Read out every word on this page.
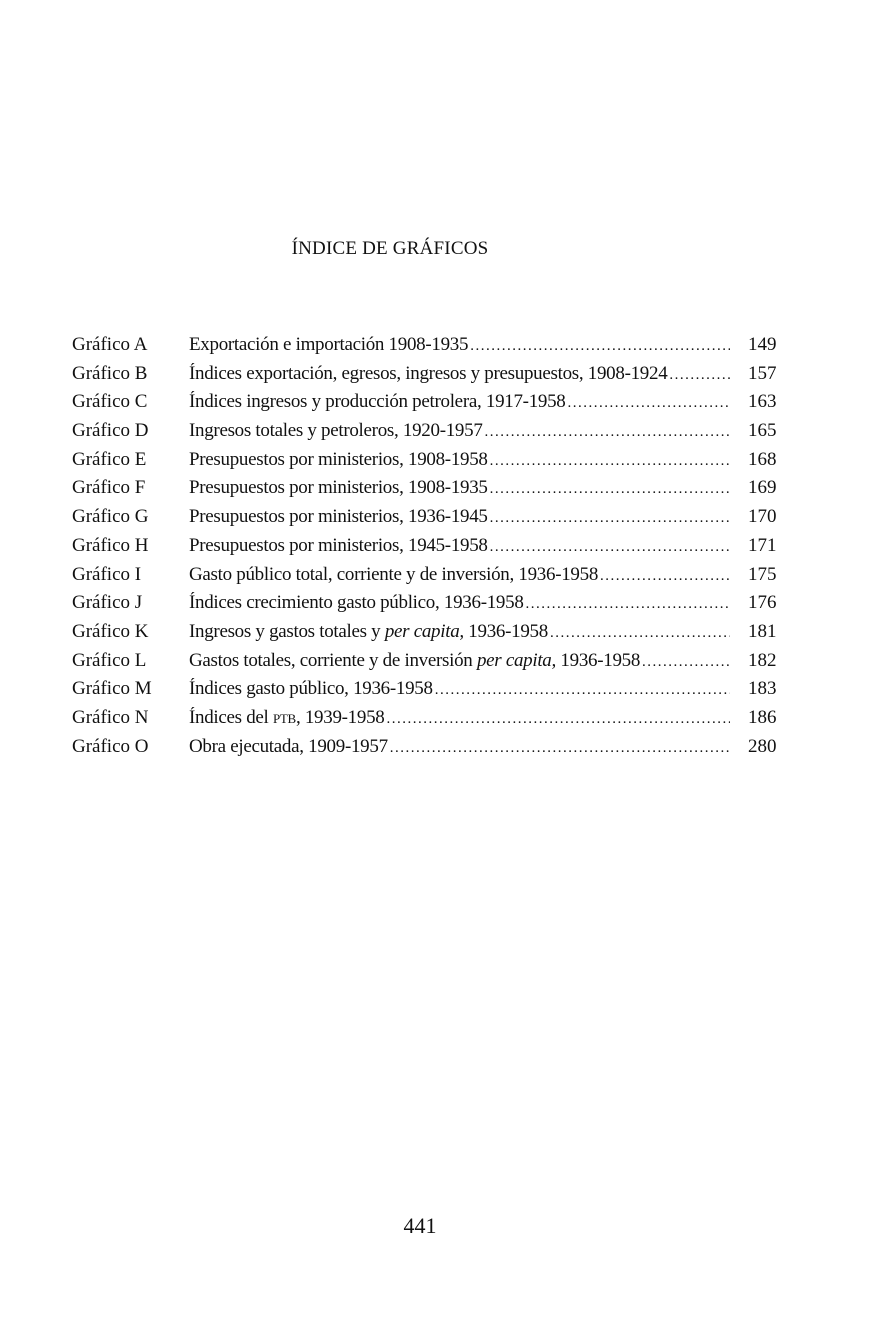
ÍNDICE DE GRÁFICOS
Gráfico A	Exportación e importación 1908-1935 .....	149
Gráfico B	Índices exportación, egresos, ingresos y presupuestos, 1908-1924 .....	157
Gráfico C	Índices ingresos y producción petrolera, 1917-1958 .....	163
Gráfico D	Ingresos totales y petroleros, 1920-1957 .....	165
Gráfico E	Presupuestos por ministerios, 1908-1958 .....	168
Gráfico F	Presupuestos por ministerios, 1908-1935 .....	169
Gráfico G	Presupuestos por ministerios, 1936-1945 .....	170
Gráfico H	Presupuestos por ministerios, 1945-1958 .....	171
Gráfico I	Gasto público total, corriente y de inversión, 1936-1958 .....	175
Gráfico J	Índices crecimiento gasto público, 1936-1958 .....	176
Gráfico K	Ingresos y gastos totales y per capita, 1936-1958 .....	181
Gráfico L	Gastos totales, corriente y de inversión per capita, 1936-1958 .....	182
Gráfico M	Índices gasto público, 1936-1958 .....	183
Gráfico N	Índices del ptb, 1939-1958 .....	186
Gráfico O	Obra ejecutada, 1909-1957 .....	280
441
